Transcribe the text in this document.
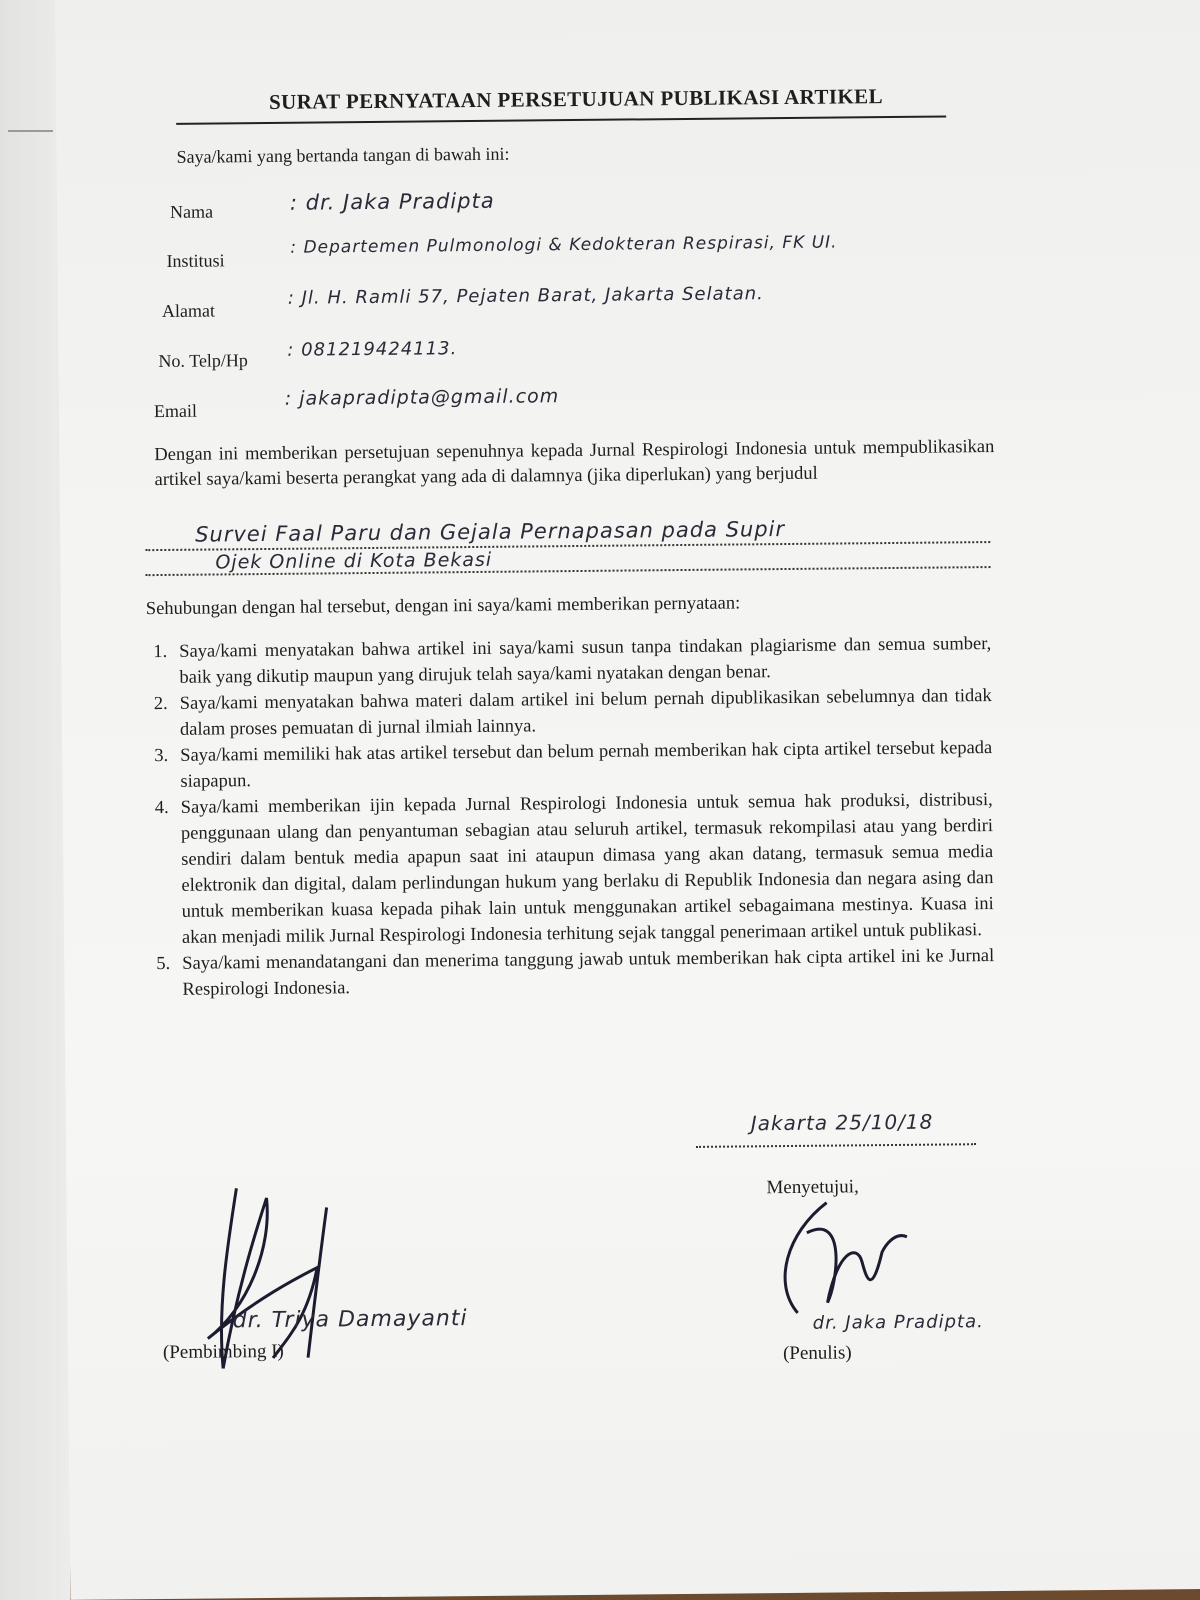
SURAT PERNYATAAN PERSETUJUAN PUBLIKASI ARTIKEL
Saya/kami yang bertanda tangan di bawah ini:
Nama	: dr. Jaka Pradipta
Institusi
: Departemen Pulmonologi & Kedokteran Respirasi, FK UI.
Alamat
: Jl. H. Ramli 57, Pejaten Barat, Jakarta Selatan.
No. Telp/Hp : 081219424113.
Email
: jakapradipta@gmail.com
Dengan ini memberikan persetujuan sepenuhnya kepada Jurnal Respirologi Indonesia untuk mempublikasikan artikel saya/kami beserta perangkat yang ada di dalamnya (jika diperlukan) yang berjudul
Survei Faal Paru dan Gejala Pernapasan pada Supir
Ojek Online di Kota Bekasi
Sehubungan dengan hal tersebut, dengan ini saya/kami memberikan pernyataan:
1. Saya/kami menyatakan bahwa artikel ini saya/kami susun tanpa tindakan plagiarisme dan semua sumber, baik yang dikutip maupun yang dirujuk telah saya/kami nyatakan dengan benar.
2. Saya/kami menyatakan bahwa materi dalam artikel ini belum pernah dipublikasikan sebelumnya dan tidak dalam proses pemuatan di jurnal ilmiah lainnya.
3. Saya/kami memiliki hak atas artikel tersebut dan belum pernah memberikan hak cipta artikel tersebut kepada siapapun.
4. Saya/kami memberikan ijin kepada Jurnal Respirologi Indonesia untuk semua hak produksi, distribusi, penggunaan ulang dan penyantuman sebagian atau seluruh artikel, termasuk rekompilasi atau yang berdiri sendiri dalam bentuk media apapun saat ini ataupun dimasa yang akan datang, termasuk semua media elektronik dan digital, dalam perlindungan hukum yang berlaku di Republik Indonesia dan negara asing dan untuk memberikan kuasa kepada pihak lain untuk menggunakan artikel sebagaimana mestinya. Kuasa ini akan menjadi milik Jurnal Respirologi Indonesia terhitung sejak tanggal penerimaan artikel untuk publikasi.
5. Saya/kami menandatangani dan menerima tanggung jawab untuk memberikan hak cipta artikel ini ke Jurnal Respirologi Indonesia.
Jakarta 25/10/18
Menyetujui,
dr. Triya Damayanti
(Pembimbing I)
dr. Jaka Pradipta.
(Penulis)
